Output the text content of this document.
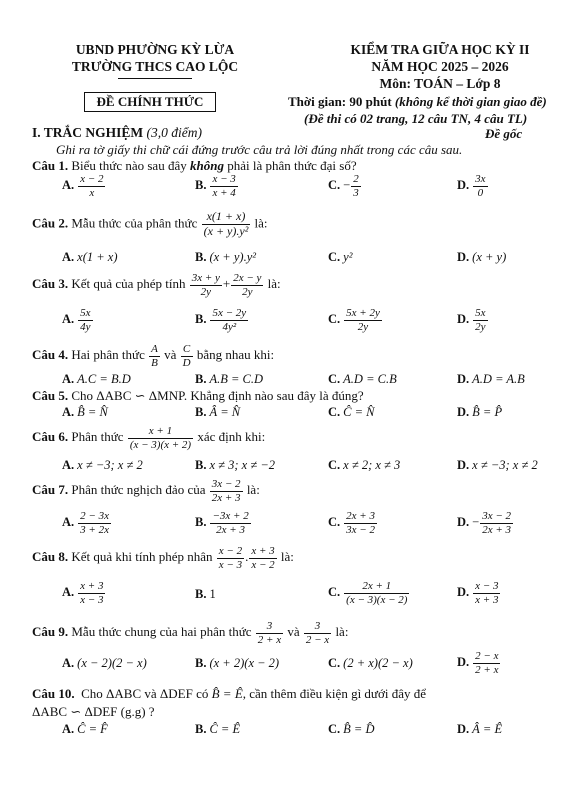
UBND PHƯỜNG KỲ LỪA
TRƯỜNG THCS CAO LỘC
ĐỀ CHÍNH THỨC
KIỂM TRA GIỮA HỌC KỲ II
NĂM HỌC 2025 – 2026
Môn: TOÁN – Lớp 8
Thời gian: 90 phút (không kể thời gian giao đề)
(Đề thi có 02 trang, 12 câu TN, 4 câu TL)
Đề gốc
I. TRẮC NGHIỆM (3,0 điểm)
Ghi ra tờ giấy thi chữ cái đứng trước câu trả lời đúng nhất trong các câu sau.
Câu 1. Biểu thức nào sau đây không phải là phân thức đại số?
A. $\frac{x - 2}{x}$	B. $\frac{x - 3}{x + 4}$	C. − $\frac{2}{3}$	D. $\frac{3x}{0}$
Câu 2. Mẫu thức của phân thức $\frac{x(1 + x)}{\text{(x + y).y²}}$ là:
A. x(1 + x)	B. (x + y).y²	C. y²	D. (x + y)
Câu 3. Kết quả của phép tính $\frac{3x + y}{2y} + \frac{2x - y}{2y}$ là:
A. $\frac{5x}{4y}$	B. $\frac{5x - 2y}{\text{4y²}}$	C. $\frac{5x + 2y}{2y}$	D. $\frac{5x}{2y}$
Câu 4. Hai phân thức $\frac{A}{B}$ và $\frac{C}{D}$ bằng nhau khi:
A. A.C = B.D	B. A.B = C.D	C. A.D = C.B	D. A.D = A.B
Câu 5. Cho ΔABC ∽ ΔMNP. Khẳng định nào sau đây là đúng?
A. B̂ = N̂	B. Â = N̂	C. Ĉ = N̂	D. B̂ = P̂
Câu 6. Phân thức $\frac{x + 1}{(x - 3)(x + 2)}$ xác định khi:
A. x ≠ −3; x ≠ 2	B. x ≠ 3; x ≠ −2	C. x ≠ 2; x ≠ 3	D. x ≠ −3; x ≠ 2
Câu 7. Phân thức nghịch đảo của $\frac{3x - 2}{2x + 3}$ là:
A. $\frac{2 - 3x}{3 + 2x}$	B. $\frac{-3x + 2}{2x + 3}$	C. $\frac{2x + 3}{3x - 2}$	D. − $\frac{3x - 2}{2x + 3}$
Câu 8. Kết quả khi tính phép nhân $\frac{x - 2}{x - 3}$ . $\frac{x + 3}{x - 2}$ là:
A. $\frac{x + 3}{x - 3}$	B. 1	C. $\frac{2x + 1}{(x - 3)(x - 2)}$	D. $\frac{x - 3}{x + 3}$
Câu 9. Mẫu thức chung của hai phân thức $\frac{3}{2 + x}$ và $\frac{3}{2 - x}$ là:
A. (x − 2)(2 − x)	B. (x + 2)(x − 2)	C. (2 + x)(2 − x)	D. $\frac{2 - x}{2 + x}$
Câu 10. Cho ΔABC và ΔDEF có B̂ = Ê, cần thêm điều kiện gì dưới đây để
ΔABC ∽ ΔDEF (g.g) ?
A. Ĉ = F̂	B. Ĉ = Ê	C. B̂ = D̂	D. Â = Ê
